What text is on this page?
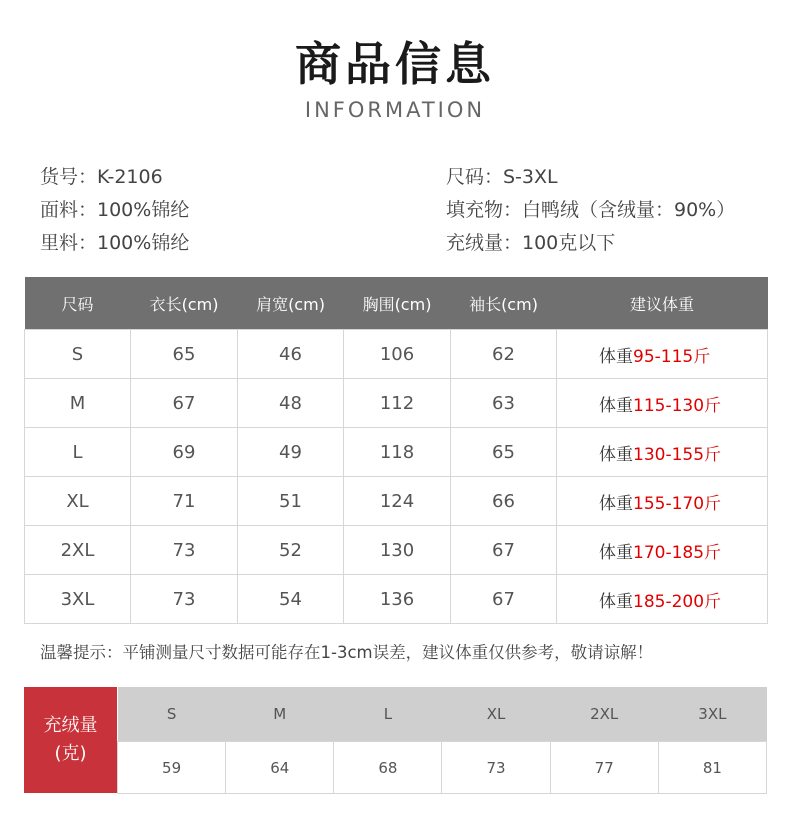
商品信息
INFORMATION
货号：K-2106
面料：100%锦纶
里料：100%锦纶
尺码：S-3XL
填充物：白鸭绒（含绒量：90%）
充绒量：100克以下
尺码	衣长(cm)	肩宽(cm)	胸围(cm)	袖长(cm)	建议体重
S	65	46	106	62	体重95-115斤
M	67	48	112	63	体重115-130斤
L	69	49	118	65	体重130-155斤
XL	71	51	124	66	体重155-170斤
2XL	73	52	130	67	体重170-185斤
3XL	73	54	136	67	体重185-200斤
温馨提示：平铺测量尺寸数据可能存在1-3cm误差，建议体重仅供参考，敬请谅解！
充绒量
(克)
S	M	L	XL	2XL	3XL
59	64	68	73	77	81
